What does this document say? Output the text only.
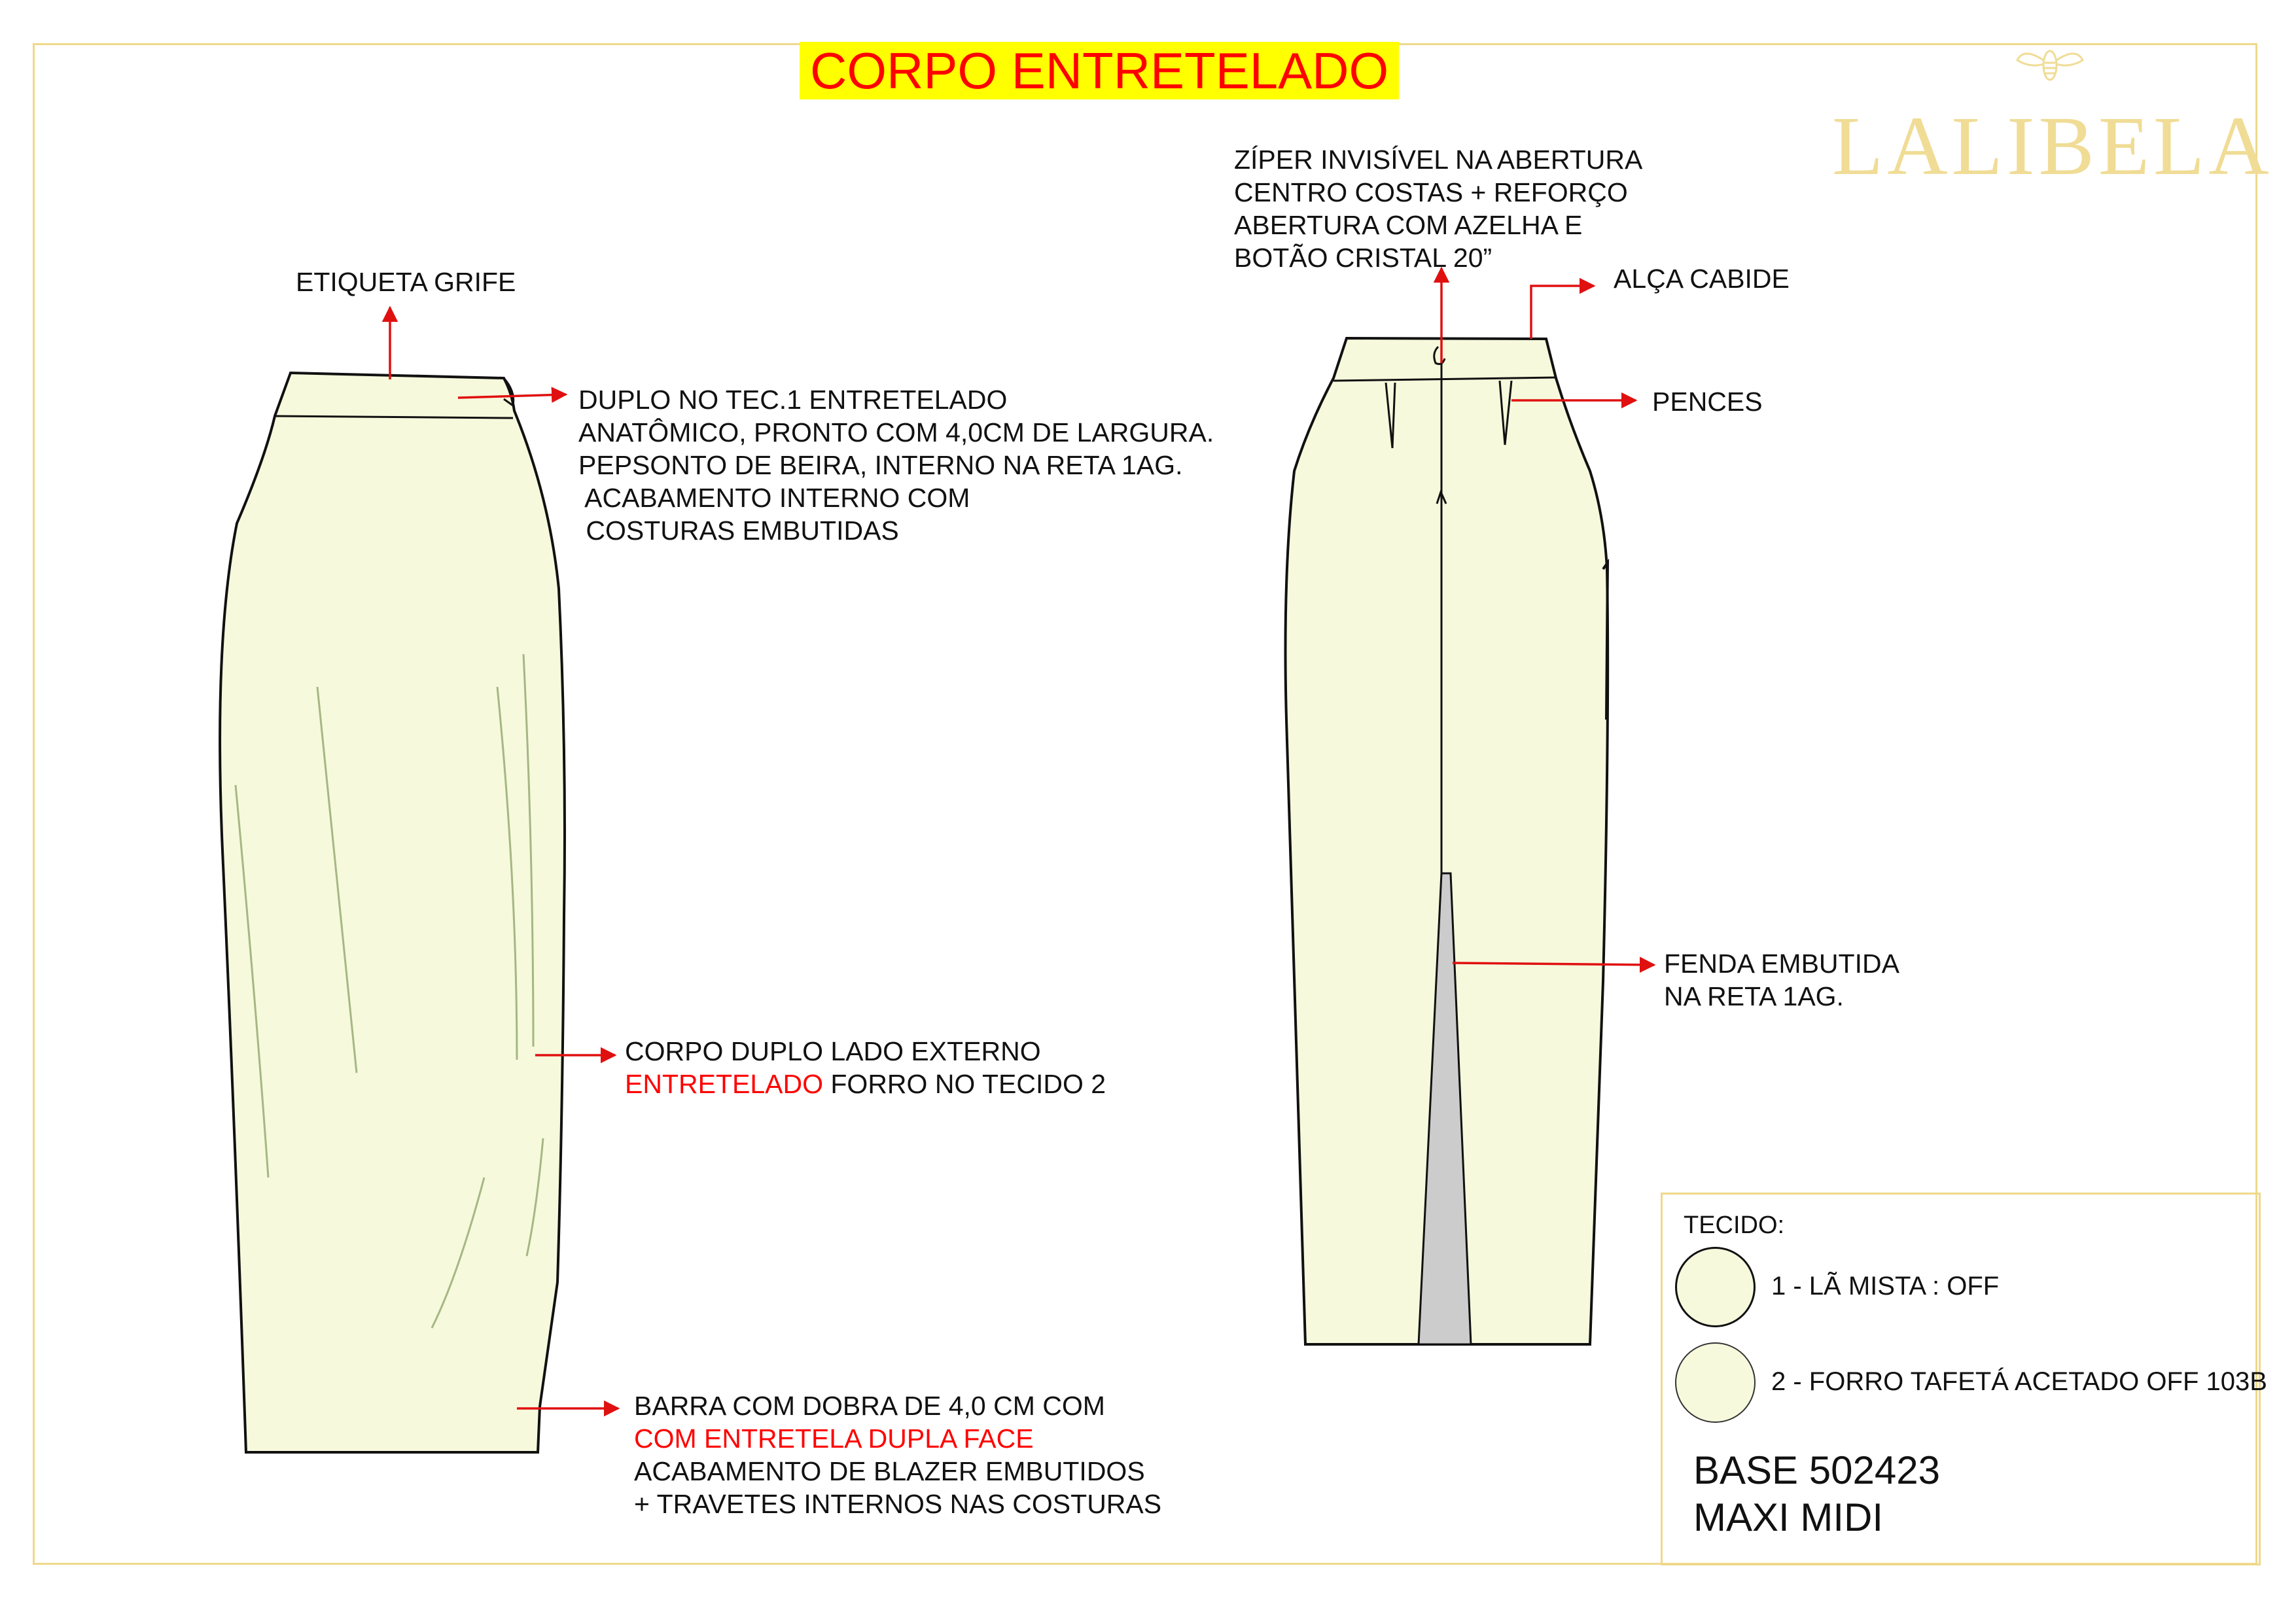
CORPO ENTRETELADO
LALIBELA
ETIQUETA GRIFE
DUPLO NO TEC.1 ENTRETELADO
ANATÔMICO, PRONTO COM 4,0CM DE LARGURA.
PEPSONTO DE BEIRA, INTERNO NA RETA 1AG.
ACABAMENTO INTERNO COM
COSTURAS EMBUTIDAS
CORPO DUPLO LADO EXTERNO
ENTRETELADO FORRO NO TECIDO 2
BARRA COM DOBRA DE 4,0 CM COM
COM ENTRETELA DUPLA FACE
ACABAMENTO DE BLAZER EMBUTIDOS
+ TRAVETES INTERNOS NAS COSTURAS
ZÍPER INVISÍVEL NA ABERTURA
CENTRO COSTAS + REFORÇO
ABERTURA COM AZELHA E
BOTÃO CRISTAL 20”
ALÇA CABIDE
PENCES
FENDA EMBUTIDA
NA RETA 1AG.
TECIDO:
1 - LÃ MISTA : OFF
2 - FORRO TAFETÁ ACETADO OFF 103B
BASE 502423
MAXI MIDI
